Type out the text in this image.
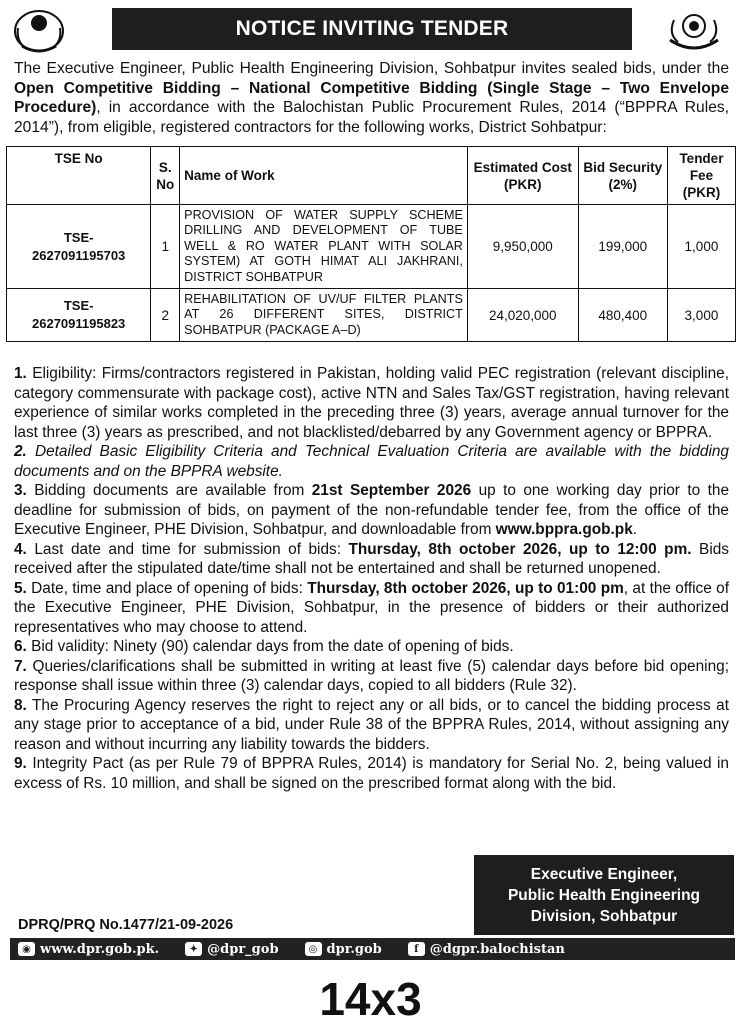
NOTICE INVITING TENDER
The Executive Engineer, Public Health Engineering Division, Sohbatpur invites sealed bids, under the Open Competitive Bidding – National Competitive Bidding (Single Stage – Two Envelope Procedure), in accordance with the Balochistan Public Procurement Rules, 2014 (“BPPRA Rules, 2014”), from eligible, registered contractors for the following works, District Sohbatpur:
TSE No	S. No	Name of Work	Estimated Cost (PKR)	Bid Security (2%)	Tender Fee (PKR)
TSE-
2627091195703	1	PROVISION OF WATER SUPPLY SCHEME DRILLING AND DEVELOPMENT OF TUBE WELL & RO WATER PLANT WITH SOLAR SYSTEM) AT GOTH HIMAT ALI JAKHRANI, DISTRICT SOHBATPUR	9,950,000	199,000	1,000
TSE-
2627091195823	2	REHABILITATION OF UV/UF FILTER PLANTS AT 26 DIFFERENT SITES, DISTRICT SOHBATPUR (PACKAGE A–D)	24,020,000	480,400	3,000

1. Eligibility: Firms/contractors registered in Pakistan, holding valid PEC registration (relevant discipline, category commensurate with package cost), active NTN and Sales Tax/GST registration, having relevant experience of similar works completed in the preceding three (3) years, average annual turnover for the last three (3) years as prescribed, and not blacklisted/debarred by any Government agency or BPPRA.

2. Detailed Basic Eligibility Criteria and Technical Evaluation Criteria are available with the bidding documents and on the BPPRA website.

3. Bidding documents are available from 21st September 2026 up to one working day prior to the deadline for submission of bids, on payment of the non-refundable tender fee, from the office of the Executive Engineer, PHE Division, Sohbatpur, and downloadable from www.bppra.gob.pk.

4. Last date and time for submission of bids: Thursday, 8th october 2026, up to 12:00 pm. Bids received after the stipulated date/time shall not be entertained and shall be returned unopened.

5. Date, time and place of opening of bids: Thursday, 8th october 2026, up to 01:00 pm, at the office of the Executive Engineer, PHE Division, Sohbatpur, in the presence of bidders or their authorized representatives who may choose to attend.

6. Bid validity: Ninety (90) calendar days from the date of opening of bids.

7. Queries/clarifications shall be submitted in writing at least five (5) calendar days before bid opening; response shall issue within three (3) calendar days, copied to all bidders (Rule 32).

8. The Procuring Agency reserves the right to reject any or all bids, or to cancel the bidding process at any stage prior to acceptance of a bid, under Rule 38 of the BPPRA Rules, 2014, without assigning any reason and without incurring any liability towards the bidders.

9. Integrity Pact (as per Rule 79 of BPPRA Rules, 2014) is mandatory for Serial No. 2, being valued in excess of Rs. 10 million, and shall be signed on the prescribed format along with the bid.

Executive Engineer,
Public Health Engineering
Division, Sohbatpur
DPRQ/PRQ No.1477/21-09-2026
◉ www.dpr.gob.pk.	✦ @dpr_gob	◎ dpr.gob	f @dgpr.balochistan
14x3
